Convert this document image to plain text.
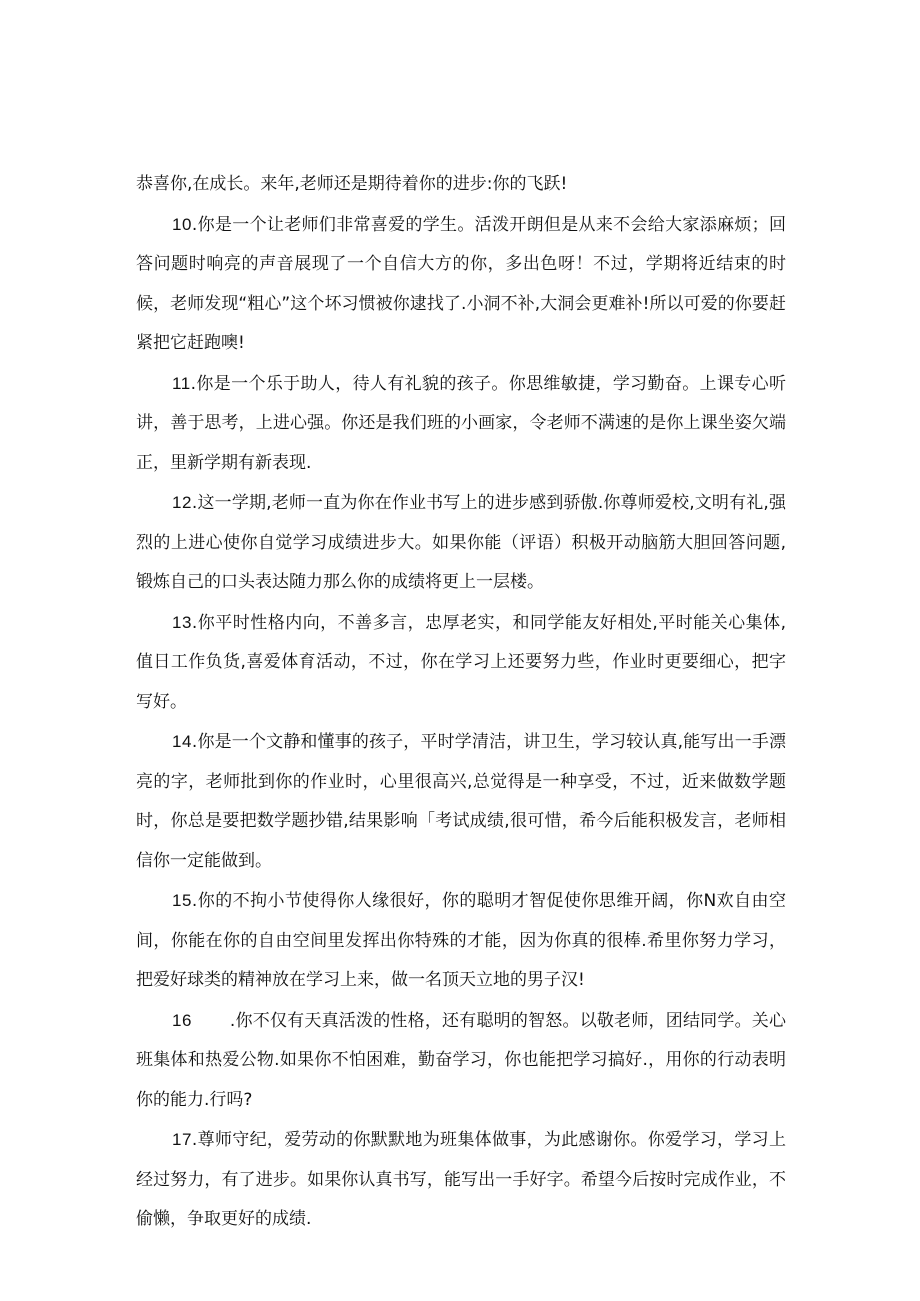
恭喜你,在成长。来年,老师还是期待着你的进步:你的飞跃!

10.你是一个让老师们非常喜爱的学生。活泼开朗但是从来不会给大家添麻烦；回答问题时响亮的声音展现了一个自信大方的你，多出色呀！不过，学期将近结束的时候，老师发现“粗心”这个坏习惯被你逮找了.小洞不补,大洞会更难补!所以可爱的你要赶紧把它赶跑噢!

11.你是一个乐于助人，待人有礼貌的孩子。你思维敏捷，学习勤奋。上课专心听讲，善于思考，上进心强。你还是我们班的小画家，令老师不满速的是你上课坐姿欠端正，里新学期有新表现.

12.这一学期,老师一直为你在作业书写上的进步感到骄傲.你尊师爱校,文明有礼,强烈的上进心使你自觉学习成绩进步大。如果你能（评语）积极开动脑筋大胆回答问题,锻炼自己的口头表达随力那么你的成绩将更上一层楼。

13.你平时性格内向，不善多言，忠厚老实，和同学能友好相处,平时能关心集体,值日工作负货,喜爱体育活动，不过，你在学习上还要努力些，作业时更要细心，把字写好。

14.你是一个文静和懂事的孩子，平时学清洁，讲卫生，学习较认真,能写出一手漂亮的字，老师批到你的作业时，心里很高兴,总觉得是一种享受，不过，近来做数学题时，你总是要把数学题抄错,结果影响「考试成绩,很可惜，希今后能积极发言，老师相信你一定能做到。

15.你的不拘小节使得你人缘很好，你的聪明才智促使你思维开阔，你N欢自由空间，你能在你的自由空间里发挥出你特殊的才能，因为你真的很棒.希里你努力学习，把爱好球类的精神放在学习上来，做一名顶天立地的男子汉!

16 .你不仅有天真活泼的性格，还有聪明的智怒。以敬老师，团结同学。关心班集体和热爱公物.如果你不怕困难，勤奋学习，你也能把学习搞好.，用你的行动表明你的能力.行吗?

17.尊师守纪，爱劳动的你默默地为班集体做事，为此感谢你。你爱学习，学习上经过努力，有了进步。如果你认真书写，能写出一手好字。希望今后按时完成作业，不偷懒，争取更好的成绩.
